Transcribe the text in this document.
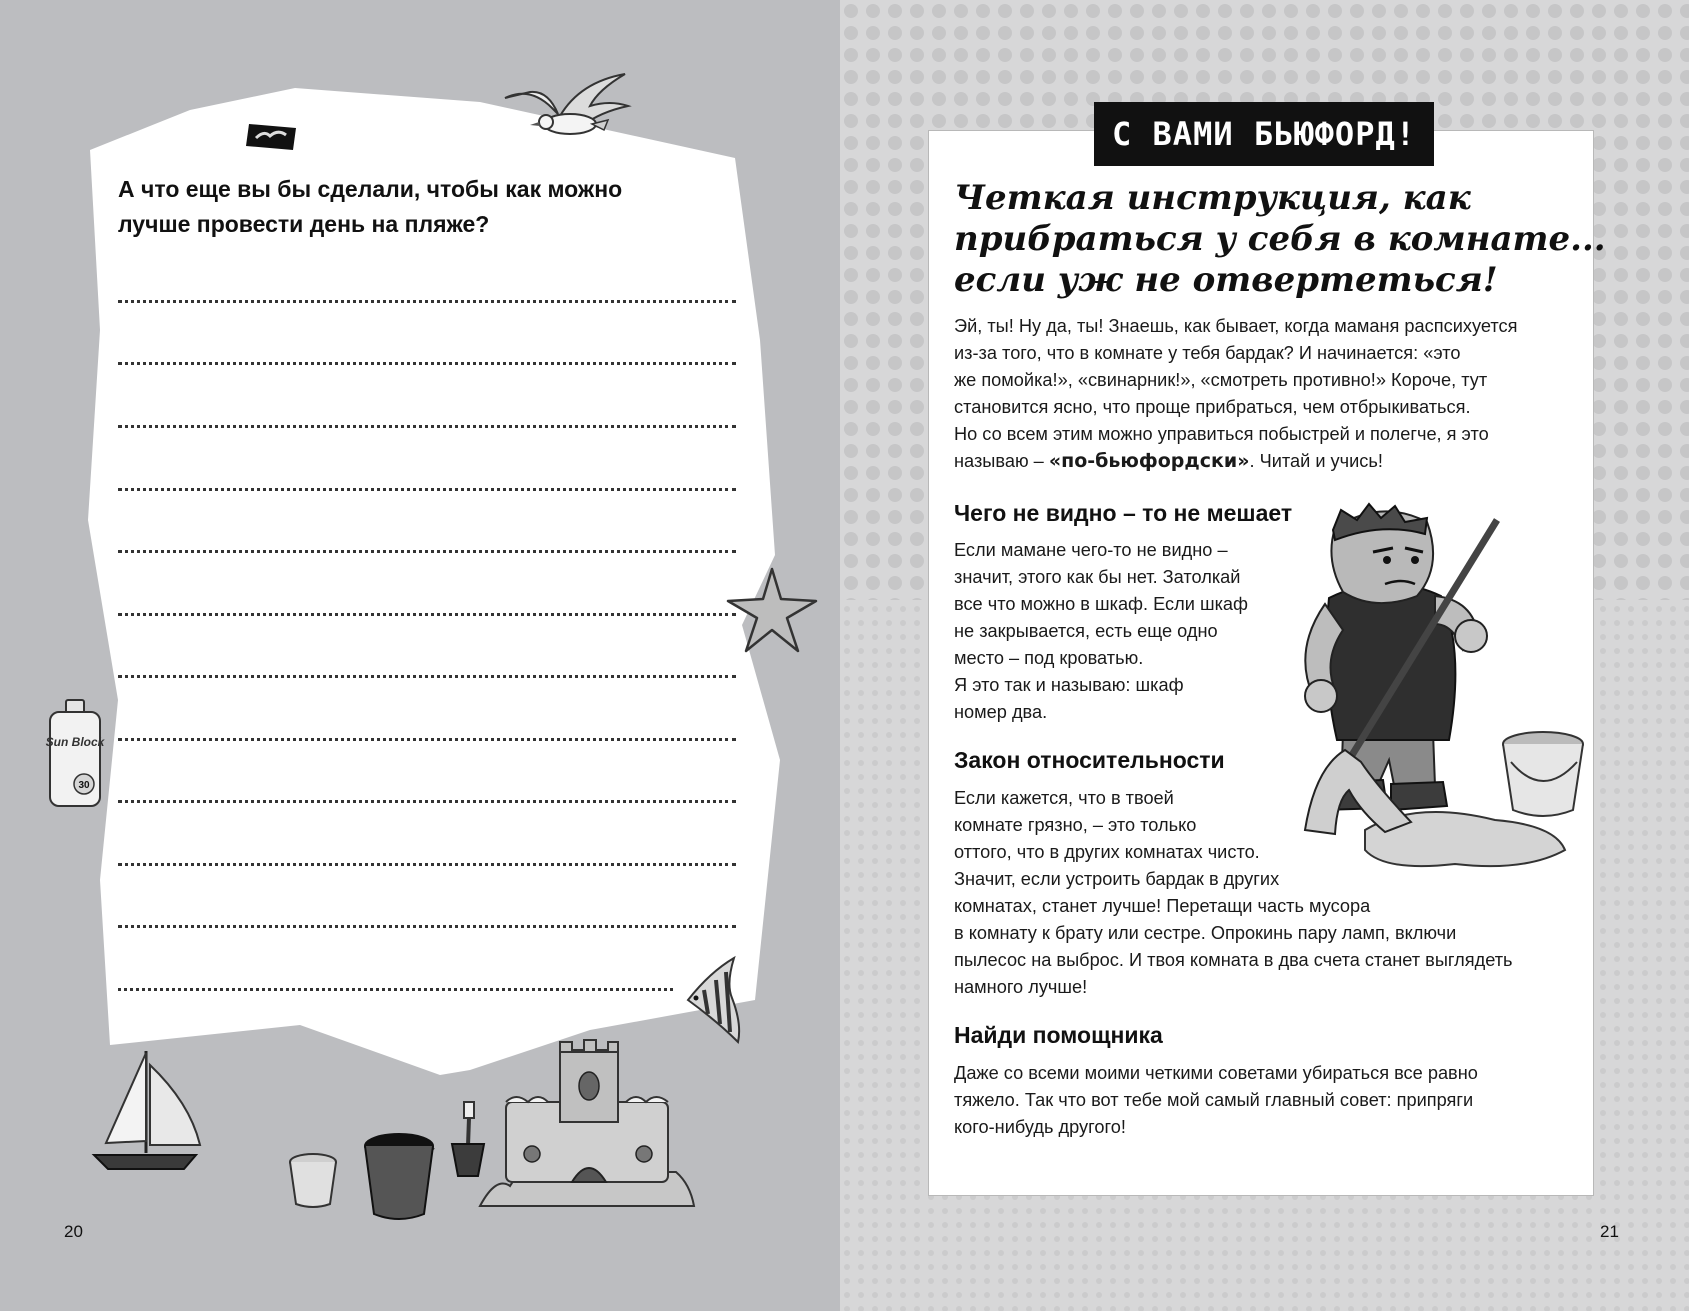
А что еще вы бы сделали, чтобы как можно
лучше провести день на пляже?

Sun Block
30
20
С ВАМИ БЬЮФОРД!
Четкая инструкция, как
прибраться у себя в комнате...
если уж не отвертеться!

Эй, ты! Ну да, ты! Знаешь, как бывает, когда маманя распсихуется
из-за того, что в комнате у тебя бардак? И начинается: «это
же помойка!», «свинарник!», «смотреть противно!» Короче, тут
становится ясно, что проще прибраться, чем отбрыкиваться.
Но со всем этим можно управиться побыстрей и полегче, я это
называю – «по-бьюфордски». Читай и учись!

Чего не видно – то не мешает

Если мамане чего-то не видно –
значит, этого как бы нет. Затолкай
все что можно в шкаф. Если шкаф
не закрывается, есть еще одно
место – под кроватью.
Я это так и называю: шкаф
номер два.

Закон относительности

Если кажется, что в твоей
комнате грязно, – это только
оттого, что в других комнатах чисто.
Значит, если устроить бардак в других
комнатах, станет лучше! Перетащи часть мусора
в комнату к брату или сестре. Опрокинь пару ламп, включи
пылесос на выброс. И твоя комната в два счета станет выглядеть
намного лучше!

Найди помощника

Даже со всеми моими четкими советами убираться все равно
тяжело. Так что вот тебе мой самый главный совет: припряги
кого-нибудь другого!

21
